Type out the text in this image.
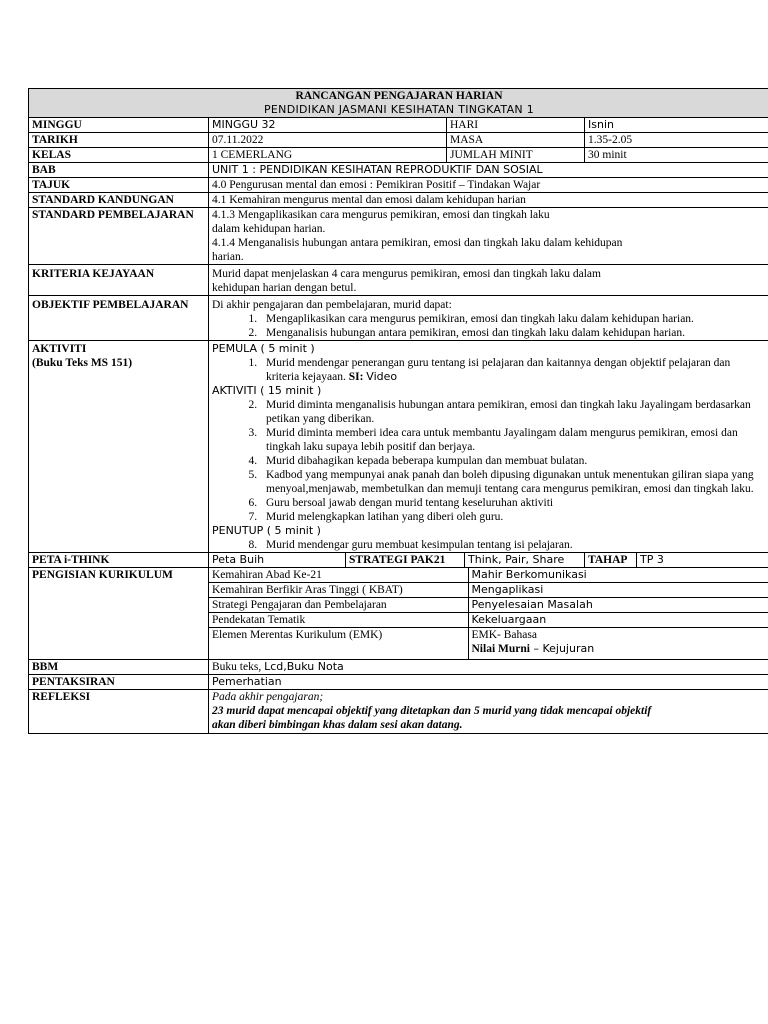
RANCANGAN PENGAJARAN HARIAN
PENDIDIKAN JASMANI KESIHATAN TINGKATAN 1

MINGGU	MINGGU 32	HARI	Isnin
TARIKH	07.11.2022	MASA	1.35-2.05
KELAS	1 CEMERLANG	JUMLAH MINIT	30 minit
BAB	UNIT 1 : PENDIDIKAN KESIHATAN REPRODUKTIF DAN SOSIAL
TAJUK	4.0 Pengurusan mental dan emosi : Pemikiran Positif – Tindakan Wajar
STANDARD KANDUNGAN	4.1 Kemahiran mengurus mental dan emosi dalam kehidupan harian
STANDARD PEMBELAJARAN	4.1.3 Mengaplikasikan cara mengurus pemikiran, emosi dan tingkah laku
dalam kehidupan harian.
4.1.4 Menganalisis hubungan antara pemikiran, emosi dan tingkah laku dalam kehidupan
harian.

KRITERIA KEJAYAAN	Murid dapat menjelaskan 4 cara mengurus pemikiran, emosi dan tingkah laku dalam
kehidupan harian dengan betul.

OBJEKTIF PEMBELAJARAN	Di akhir pengajaran dan pembelajaran, murid dapat:
1. Mengaplikasikan cara mengurus pemikiran, emosi dan tingkah laku dalam kehidupan harian.
2. Menganalisis hubungan antara pemikiran, emosi dan tingkah laku dalam kehidupan harian.

AKTIVITI
(Buku Teks MS 151)

PEMULA ( 5 minit )
1. Murid mendengar penerangan guru tentang isi pelajaran dan kaitannya dengan objektif pelajaran dan kriteria kejayaan. SI: Video
AKTIVITI ( 15 minit )
2. Murid diminta menganalisis hubungan antara pemikiran, emosi dan tingkah laku Jayalingam berdasarkan petikan yang diberikan.
3. Murid diminta memberi idea cara untuk membantu Jayalingam dalam mengurus pemikiran, emosi dan tingkah laku supaya lebih positif dan berjaya.
4. Murid dibahagikan kepada beberapa kumpulan dan membuat bulatan.
5. Kadbod yang mempunyai anak panah dan boleh dipusing digunakan untuk menentukan giliran siapa yang menyoal,menjawab, membetulkan dan memuji tentang cara mengurus pemikiran, emosi dan tingkah laku.
6. Guru bersoal jawab dengan murid tentang keseluruhan aktiviti
7. Murid melengkapkan latihan yang diberi oleh guru.
PENUTUP ( 5 minit )
8. Murid mendengar guru membuat kesimpulan tentang isi pelajaran.

PETA i-THINK	Peta Buih	STRATEGI PAK21	Think, Pair, Share	TAHAP	TP 3
PENGISIAN KURIKULUM		Kemahiran Abad Ke-21	Mahir Berkomunikasi
Kemahiran Berfikir Aras Tinggi ( KBAT)	Mengaplikasi
Strategi Pengajaran dan Pembelajaran	Penyelesaian Masalah
Pendekatan Tematik	Kekeluargaan
Elemen Merentas Kurikulum (EMK)	EMK- Bahasa
Nilai Murni – Kejujuran

BBM	Buku teks, Lcd,Buku Nota
PENTAKSIRAN	Pemerhatian
REFLEKSI	Pada akhir pengajaran;
23 murid dapat mencapai objektif yang ditetapkan dan 5 murid yang tidak mencapai objektif
akan diberi bimbingan khas dalam sesi akan datang.
